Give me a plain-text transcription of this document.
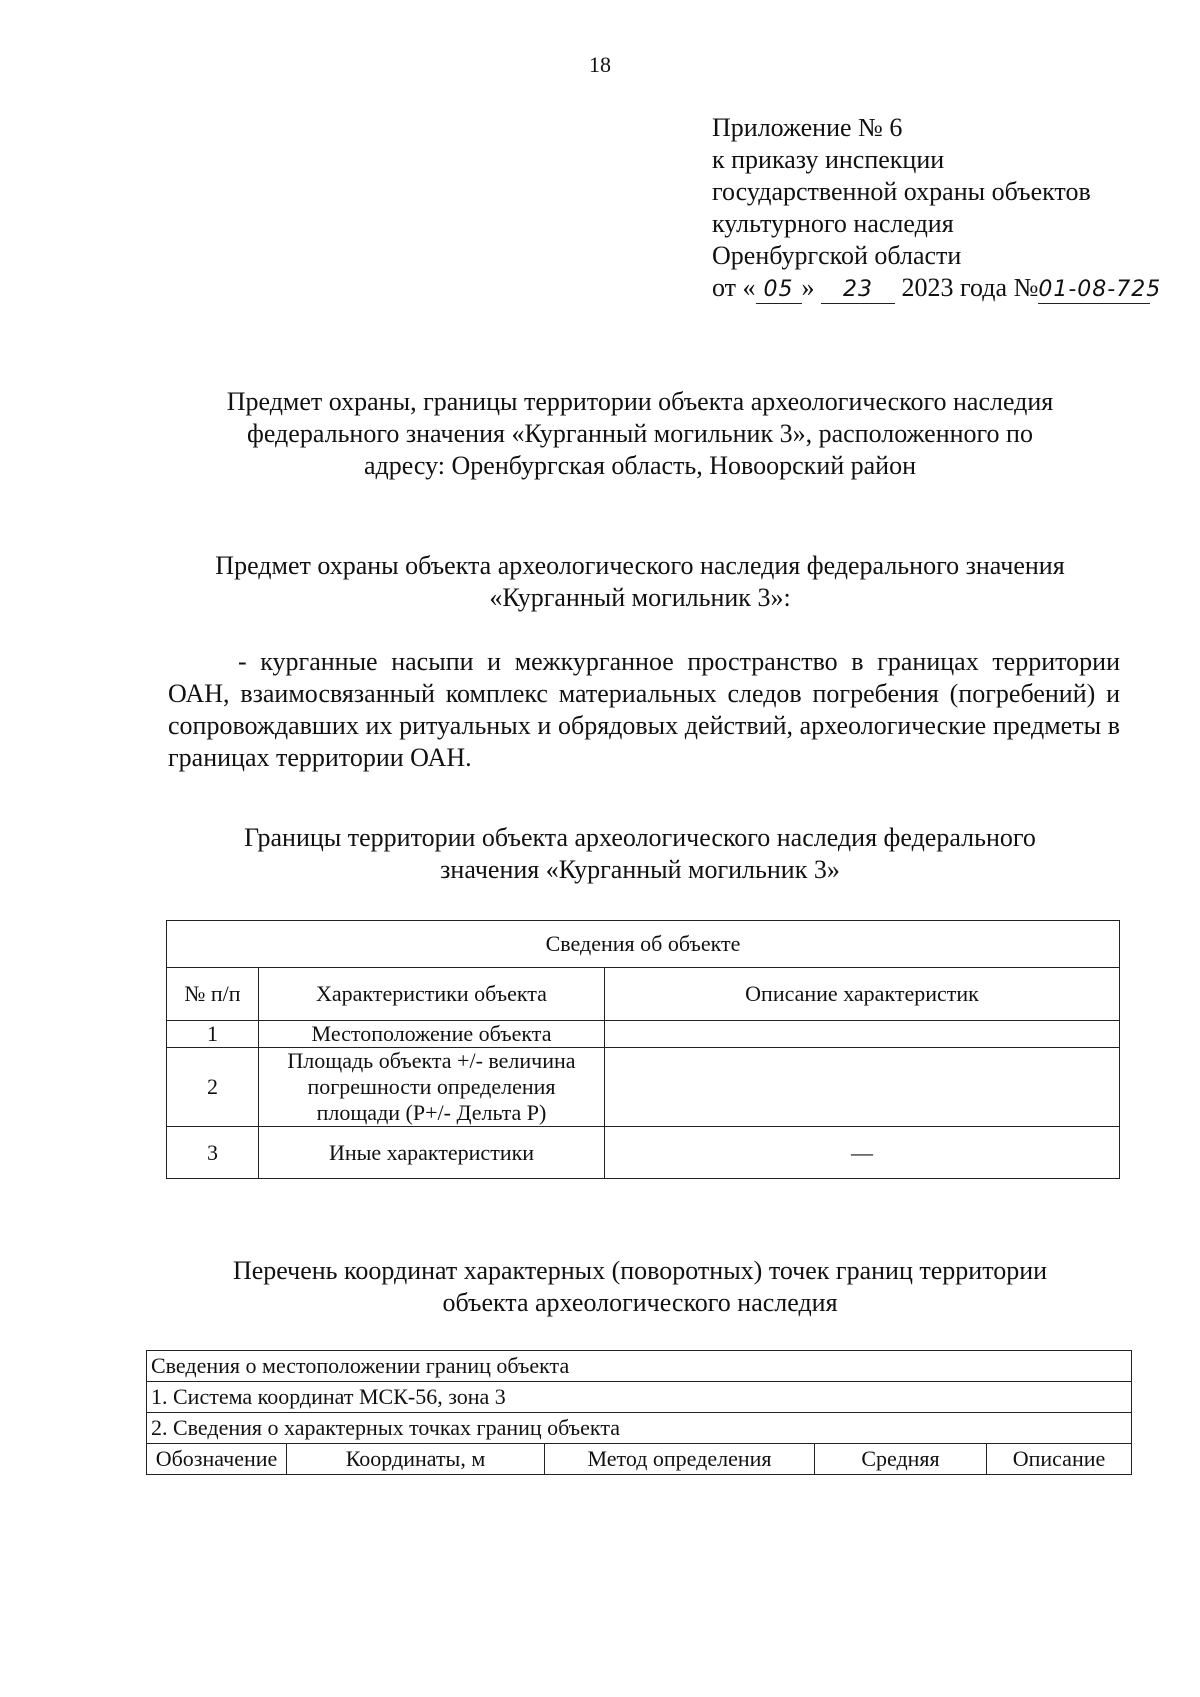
18
Приложение № 6
к приказу инспекции
государственной охраны объектов
культурного наследия
Оренбургской области
от « 05 » 23 2023 года №01-08-725
Предмет охраны, границы территории объекта археологического наследия
федерального значения «Курганный могильник 3», расположенного по
адресу: Оренбургская область, Новоорский район
Предмет охраны объекта археологического наследия федерального значения
«Курганный могильник 3»:
- курганные насыпи и межкурганное пространство в границах территории ОАН, взаимосвязанный комплекс материальных следов погребения (погребений) и сопровождавших их ритуальных и обрядовых действий, археологические предметы в границах территории ОАН.
Границы территории объекта археологического наследия федерального
значения «Курганный могильник 3»
Сведения об объекте		
№ п/п	Характеристики объекта	Описание характеристик
1	Местоположение объекта	
2	Площадь объекта +/- величина
погрешности определения
площади (Р+/- Дельта Р)	

3	Иные характеристики	—
Перечень координат характерных (поворотных) точек границ территории
объекта археологического наследия
Сведения о местоположении границ объекта
1. Система координат МСК-56, зона 3
2. Сведения о характерных точках границ объекта
Обозначение	Координаты, м	Метод определения	Средняя	Описание
